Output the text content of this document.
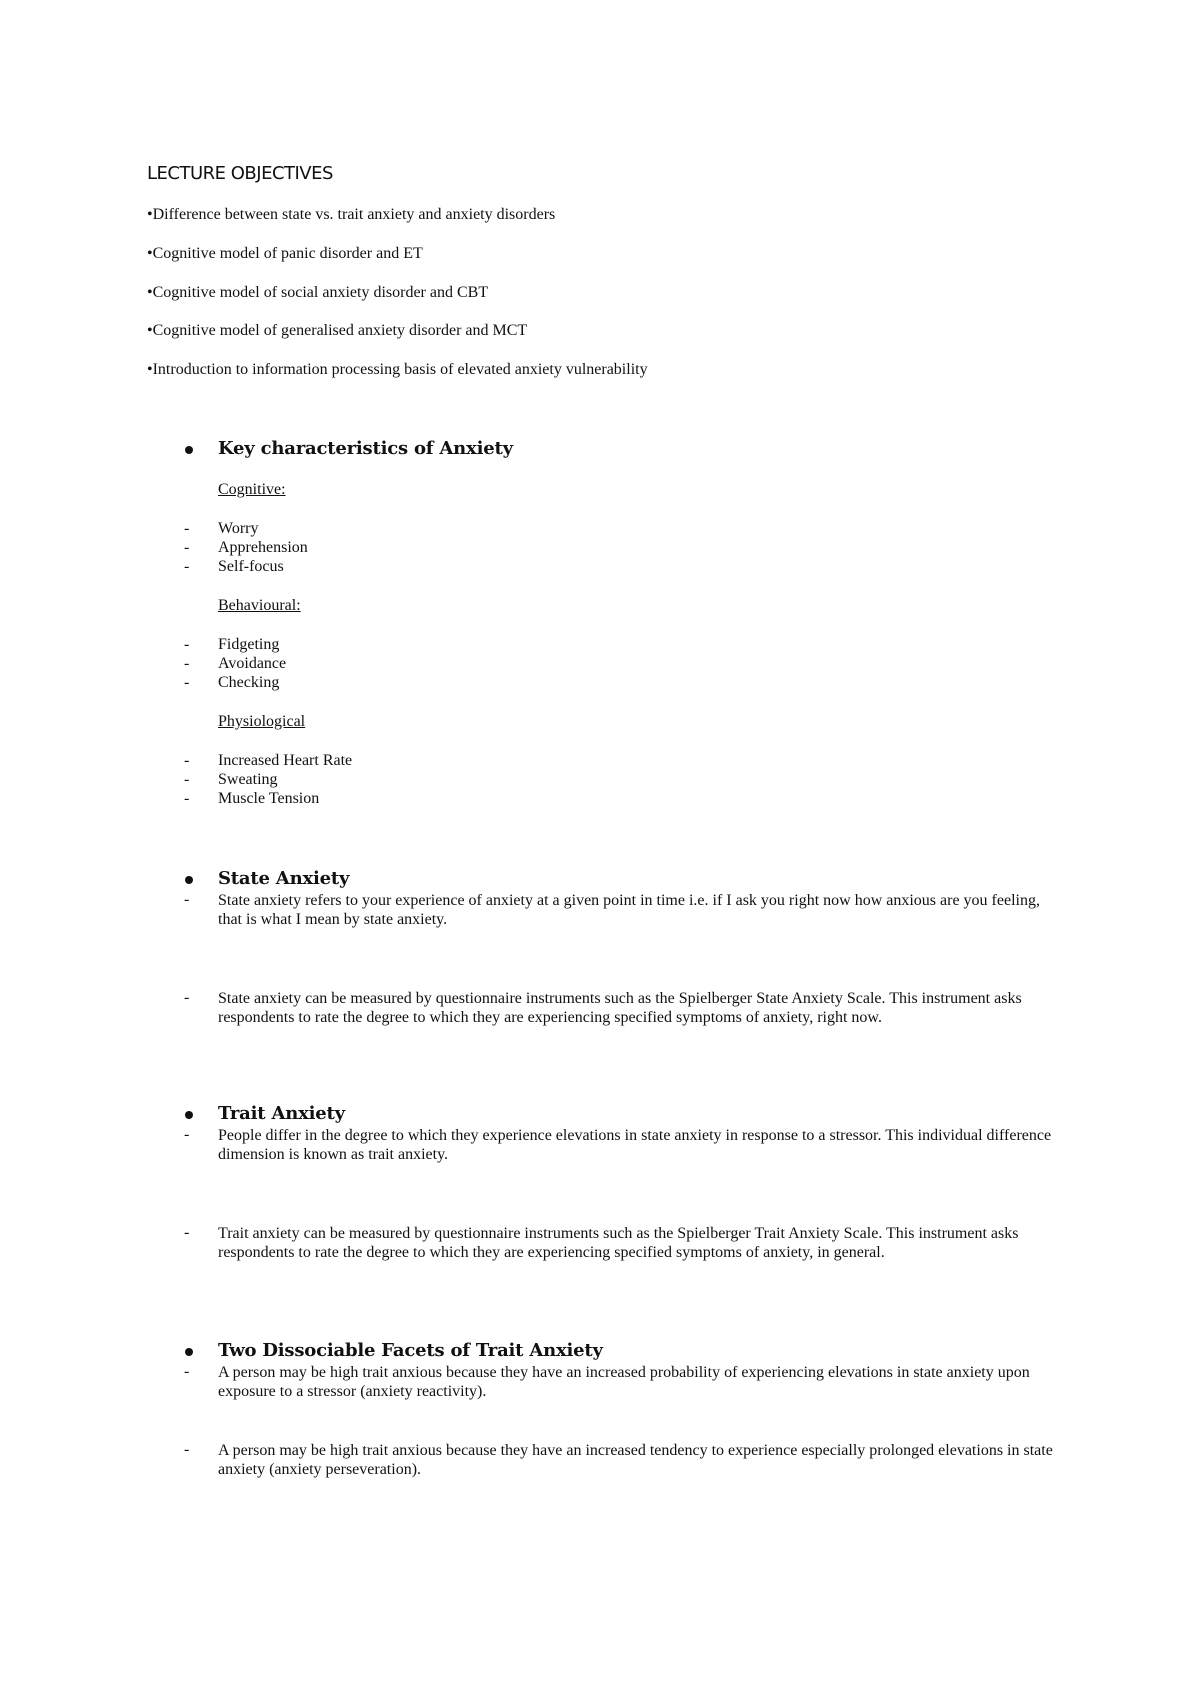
LECTURE OBJECTIVES
•Difference between state vs. trait anxiety and anxiety disorders
•Cognitive model of panic disorder and ET
•Cognitive model of social anxiety disorder and CBT
•Cognitive model of generalised anxiety disorder and MCT
•Introduction to information processing basis of elevated anxiety vulnerability
Key characteristics of Anxiety
Cognitive:
- Worry
- Apprehension
- Self-focus
Behavioural:
- Fidgeting
- Avoidance
- Checking
Physiological
- Increased Heart Rate
- Sweating
- Muscle Tension
State Anxiety
- State anxiety refers to your experience of anxiety at a given point in time i.e. if I ask you right now how anxious are you feeling, that is what I mean by state anxiety.
- State anxiety can be measured by questionnaire instruments such as the Spielberger State Anxiety Scale. This instrument asks respondents to rate the degree to which they are experiencing specified symptoms of anxiety, right now.
Trait Anxiety
- People differ in the degree to which they experience elevations in state anxiety in response to a stressor. This individual difference dimension is known as trait anxiety.
- Trait anxiety can be measured by questionnaire instruments such as the Spielberger Trait Anxiety Scale. This instrument asks respondents to rate the degree to which they are experiencing specified symptoms of anxiety, in general.
Two Dissociable Facets of Trait Anxiety
- A person may be high trait anxious because they have an increased probability of experiencing elevations in state anxiety upon exposure to a stressor (anxiety reactivity).
- A person may be high trait anxious because they have an increased tendency to experience especially prolonged elevations in state anxiety (anxiety perseveration).
